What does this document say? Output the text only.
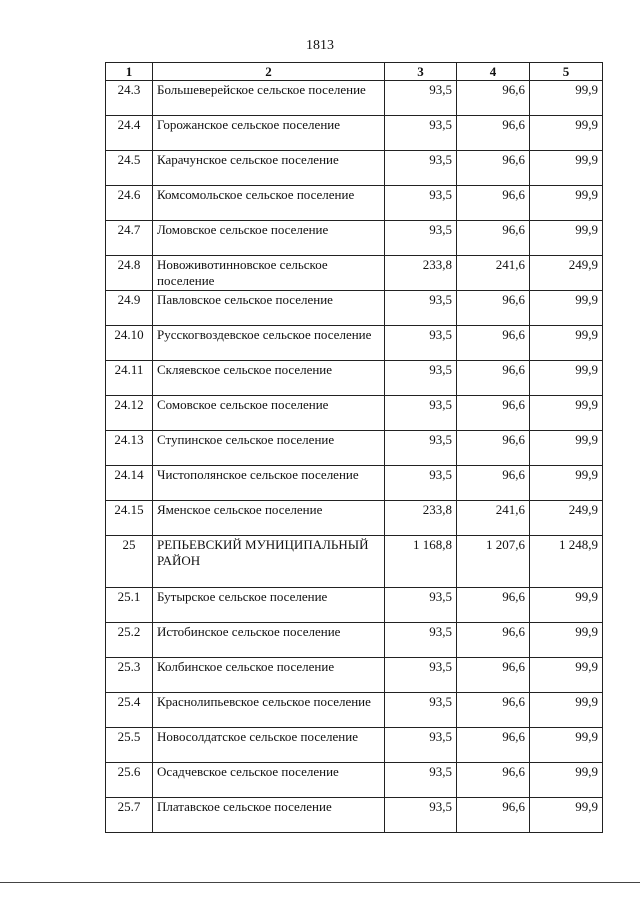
1813
1	2	3	4	5
24.3	Большеверейское сельское поселение	93,5	96,6	99,9
24.4	Горожанское сельское поселение	93,5	96,6	99,9
24.5	Карачунское сельское поселение	93,5	96,6	99,9
24.6	Комсомольское сельское поселение	93,5	96,6	99,9
24.7	Ломовское сельское поселение	93,5	96,6	99,9
24.8	Новоживотинновское сельское поселение	233,8	241,6	249,9
24.9	Павловское сельское поселение	93,5	96,6	99,9
24.10	Русскогвоздевское сельское поселение	93,5	96,6	99,9
24.11	Скляевское сельское поселение	93,5	96,6	99,9
24.12	Сомовское сельское поселение	93,5	96,6	99,9
24.13	Ступинское сельское поселение	93,5	96,6	99,9
24.14	Чистополянское сельское поселение	93,5	96,6	99,9
24.15	Яменское сельское поселение	233,8	241,6	249,9
25	РЕПЬЕВСКИЙ МУНИЦИПАЛЬНЫЙ РАЙОН	1 168,8	1 207,6	1 248,9
25.1	Бутырское сельское поселение	93,5	96,6	99,9
25.2	Истобинское сельское поселение	93,5	96,6	99,9
25.3	Колбинское сельское поселение	93,5	96,6	99,9
25.4	Краснолипьевское сельское поселение	93,5	96,6	99,9
25.5	Новосолдатское сельское поселение	93,5	96,6	99,9
25.6	Осадчевское сельское поселение	93,5	96,6	99,9
25.7	Платавское сельское поселение	93,5	96,6	99,9
